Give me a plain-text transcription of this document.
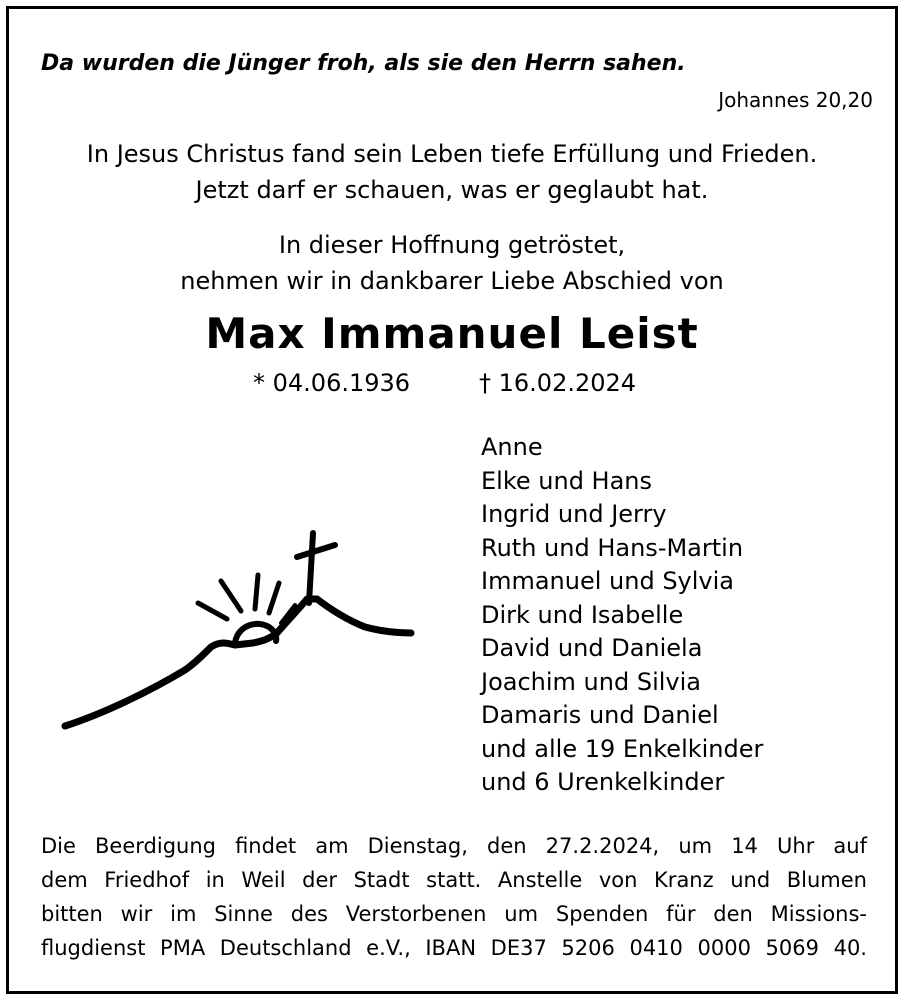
Da wurden die Jünger froh, als sie den Herrn sahen.
Johannes 20,20
In Jesus Christus fand sein Leben tiefe Erfüllung und Frieden.
Jetzt darf er schauen, was er geglaubt hat.
In dieser Hoffnung getröstet,
nehmen wir in dankbarer Liebe Abschied von
Max Immanuel Leist
* 04.06.1936	† 16.02.2024
Anne
Elke und Hans
Ingrid und Jerry
Ruth und Hans-Martin
Immanuel und Sylvia
Dirk und Isabelle
David und Daniela
Joachim und Silvia
Damaris und Daniel
und alle 19 Enkelkinder
und 6 Urenkelkinder
Die Beerdigung findet am Dienstag, den 27.2.2024, um 14 Uhr auf
dem Friedhof in Weil der Stadt statt. Anstelle von Kranz und Blumen
bitten wir im Sinne des Verstorbenen um Spenden für den Missions-
flugdienst PMA Deutschland e.V., IBAN DE37 5206 0410 0000 5069 40.
